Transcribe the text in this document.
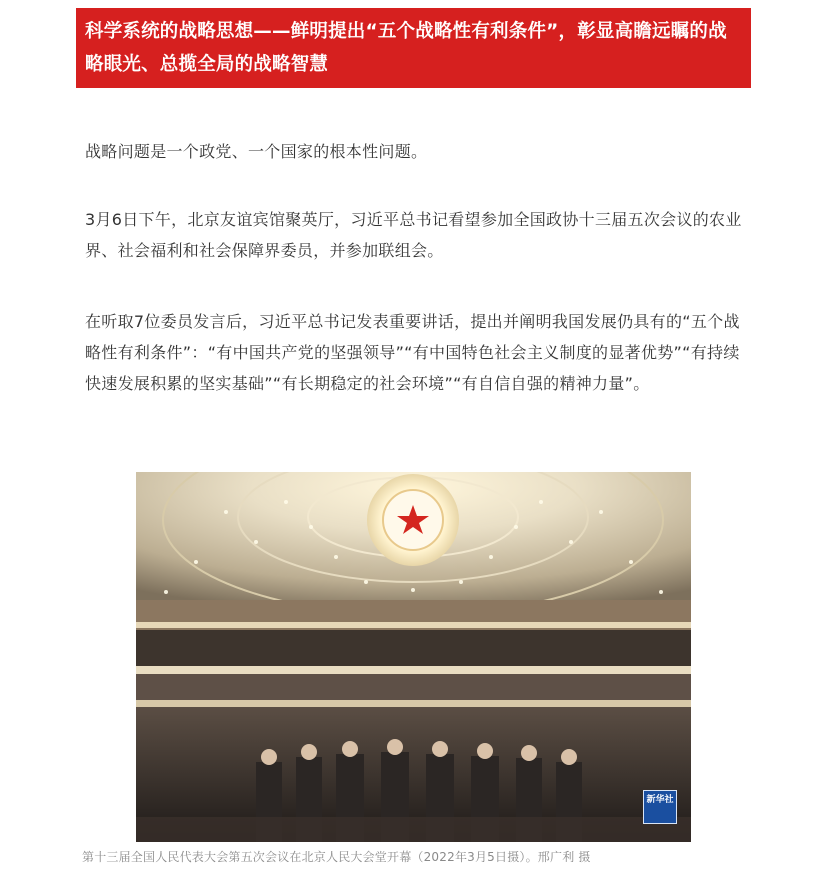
科学系统的战略思想——鲜明提出“五个战略性有利条件”，彰显高瞻远瞩的战略眼光、总揽全局的战略智慧

战略问题是一个政党、一个国家的根本性问题。

3月6日下午，北京友谊宾馆聚英厅，习近平总书记看望参加全国政协十三届五次会议的农业界、社会福利和社会保障界委员，并参加联组会。

在听取7位委员发言后，习近平总书记发表重要讲话，提出并阐明我国发展仍具有的“五个战略性有利条件”：“有中国共产党的坚强领导”“有中国特色社会主义制度的显著优势”“有持续快速发展积累的坚实基础”“有长期稳定的社会环境”“有自信自强的精神力量”。

新华社

第十三届全国人民代表大会第五次会议在北京人民大会堂开幕（2022年3月5日摄）。邢广利 摄
